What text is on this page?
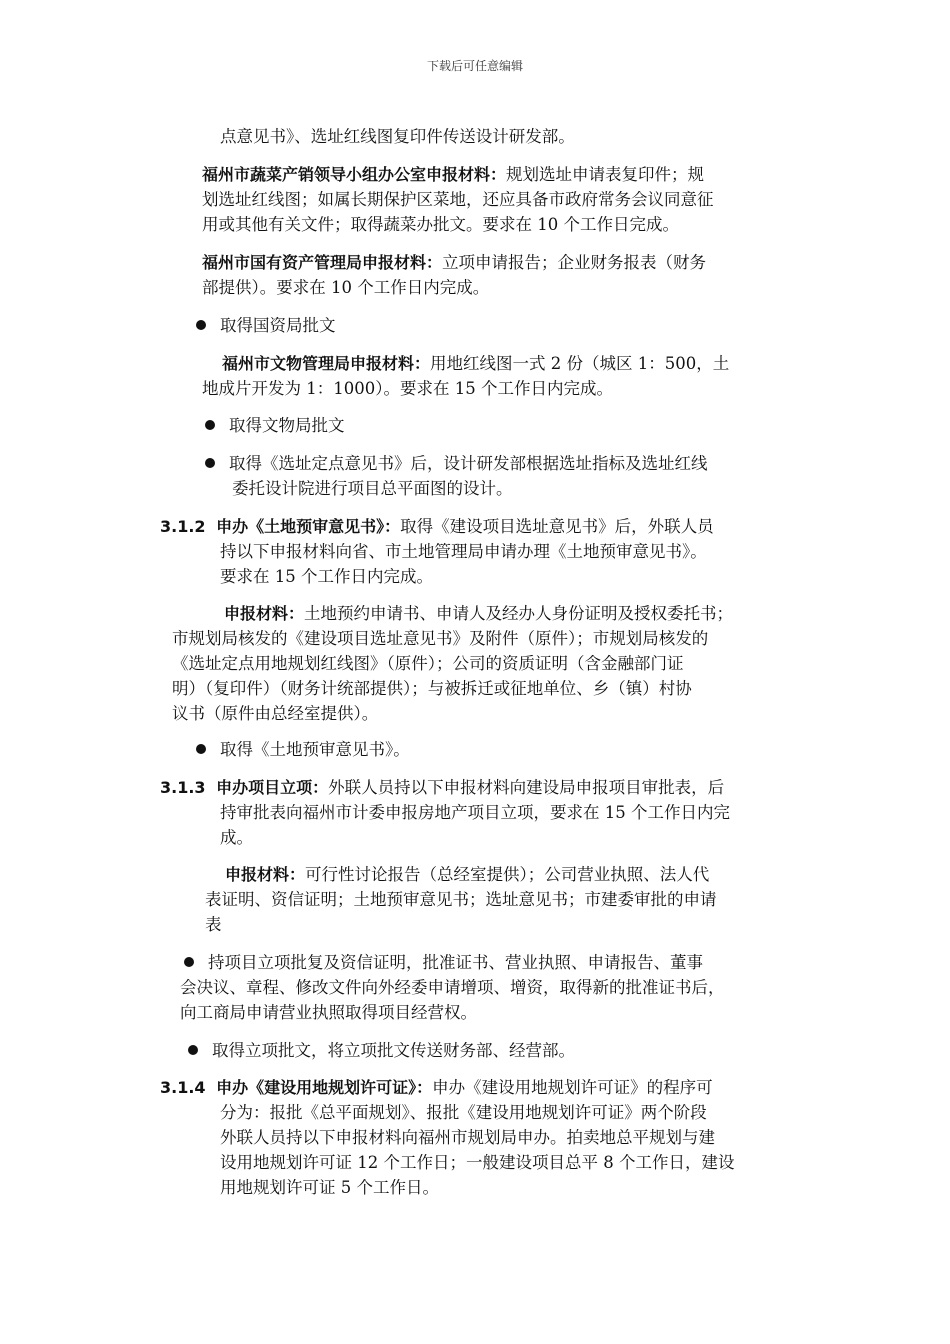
下载后可任意编辑
点意见书》、选址红线图复印件传送设计研发部。
福州市蔬菜产销领导小组办公室申报材料：规划选址申请表复印件；规
划选址红线图；如属长期保护区菜地，还应具备市政府常务会议同意征
用或其他有关文件；取得蔬菜办批文。要求在 10 个工作日完成。
福州市国有资产管理局申报材料：立项申请报告；企业财务报表（财务
部提供）。要求在 10 个工作日内完成。
取得国资局批文
福州市文物管理局申报材料：用地红线图一式 2 份（城区 1：500，土
地成片开发为 1：1000）。要求在 15 个工作日内完成。
取得文物局批文
取得《选址定点意见书》后，设计研发部根据选址指标及选址红线
委托设计院进行项目总平面图的设计。
3.1.2 申办《土地预审意见书》：取得《建设项目选址意见书》后，外联人员
持以下申报材料向省、市土地管理局申请办理《土地预审意见书》。
要求在 15 个工作日内完成。
申报材料：土地预约申请书、申请人及经办人身份证明及授权委托书；
市规划局核发的《建设项目选址意见书》及附件（原件）；市规划局核发的
《选址定点用地规划红线图》（原件）；公司的资质证明（含金融部门证
明）（复印件）（财务计统部提供）；与被拆迁或征地单位、乡（镇）村协
议书（原件由总经室提供）。
取得《土地预审意见书》。
3.1.3 申办项目立项：外联人员持以下申报材料向建设局申报项目审批表，后
持审批表向福州市计委申报房地产项目立项，要求在 15 个工作日内完
成。
申报材料：可行性讨论报告（总经室提供）；公司营业执照、法人代
表证明、资信证明；土地预审意见书；选址意见书；市建委审批的申请
表
持项目立项批复及资信证明，批准证书、营业执照、申请报告、董事
会决议、章程、修改文件向外经委申请增项、增资，取得新的批准证书后，
向工商局申请营业执照取得项目经营权。
取得立项批文，将立项批文传送财务部、经营部。
3.1.4 申办《建设用地规划许可证》：申办《建设用地规划许可证》的程序可
分为：报批《总平面规划》、报批《建设用地规划许可证》两个阶段
外联人员持以下申报材料向福州市规划局申办。拍卖地总平规划与建
设用地规划许可证 12 个工作日；一般建设项目总平 8 个工作日，建设
用地规划许可证 5 个工作日。
